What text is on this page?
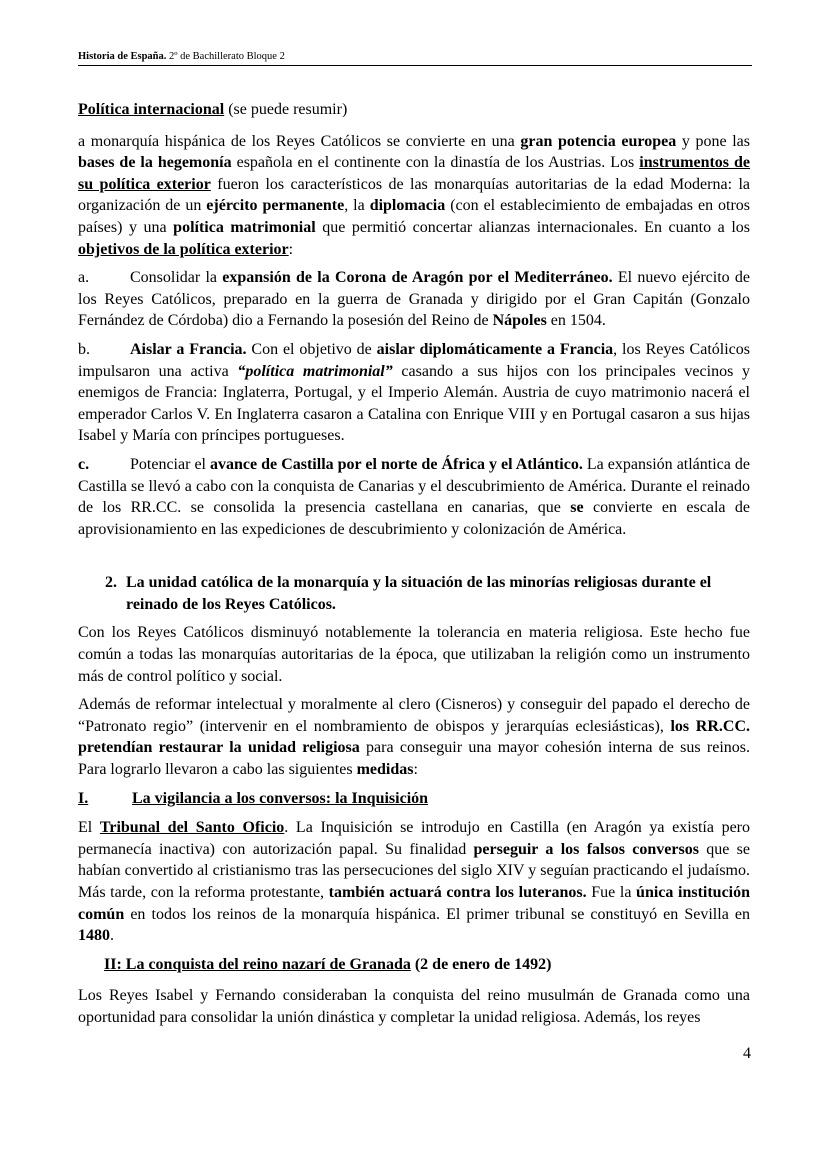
Historia de España. 2º de Bachillerato Bloque 2

Política internacional (se puede resumir)

a monarquía hispánica de los Reyes Católicos se convierte en una gran potencia europea y pone las bases de la hegemonía española en el continente con la dinastía de los Austrias. Los instrumentos de su política exterior fueron los característicos de las monarquías autoritarias de la edad Moderna: la organización de un ejército permanente, la diplomacia (con el establecimiento de embajadas en otros países) y una política matrimonial que permitió concertar alianzas internacionales. En cuanto a los objetivos de la política exterior:

a.	Consolidar la expansión de la Corona de Aragón por el Mediterráneo. El nuevo ejército de los Reyes Católicos, preparado en la guerra de Granada y dirigido por el Gran Capitán (Gonzalo Fernández de Córdoba) dio a Fernando la posesión del Reino de Nápoles en 1504.

b.	Aislar a Francia. Con el objetivo de aislar diplomáticamente a Francia, los Reyes Católicos impulsaron una activa “política matrimonial” casando a sus hijos con los principales vecinos y enemigos de Francia: Inglaterra, Portugal, y el Imperio Alemán. Austria de cuyo matrimonio nacerá el emperador Carlos V. En Inglaterra casaron a Catalina con Enrique VIII y en Portugal casaron a sus hijas Isabel y María con príncipes portugueses.

c.	Potenciar el avance de Castilla por el norte de África y el Atlántico. La expansión atlántica de Castilla se llevó a cabo con la conquista de Canarias y el descubrimiento de América. Durante el reinado de los RR.CC. se consolida la presencia castellana en canarias, que se convierte en escala de aprovisionamiento en las expediciones de descubrimiento y colonización de América.

2. La unidad católica de la monarquía y la situación de las minorías religiosas durante el reinado de los Reyes Católicos.

Con los Reyes Católicos disminuyó notablemente la tolerancia en materia religiosa. Este hecho fue común a todas las monarquías autoritarias de la época, que utilizaban la religión como un instrumento más de control político y social.

Además de reformar intelectual y moralmente al clero (Cisneros) y conseguir del papado el derecho de “Patronato regio” (intervenir en el nombramiento de obispos y jerarquías eclesiásticas), los RR.CC. pretendían restaurar la unidad religiosa para conseguir una mayor cohesión interna de sus reinos. Para lograrlo llevaron a cabo las siguientes medidas:

I.	La vigilancia a los conversos: la Inquisición

El Tribunal del Santo Oficio. La Inquisición se introdujo en Castilla (en Aragón ya existía pero permanecía inactiva) con autorización papal. Su finalidad perseguir a los falsos conversos que se habían convertido al cristianismo tras las persecuciones del siglo XIV y seguían practicando el judaísmo. Más tarde, con la reforma protestante, también actuará contra los luteranos. Fue la única institución común en todos los reinos de la monarquía hispánica. El primer tribunal se constituyó en Sevilla en 1480.

II: La conquista del reino nazarí de Granada (2 de enero de 1492)

Los Reyes Isabel y Fernando consideraban la conquista del reino musulmán de Granada como una oportunidad para consolidar la unión dinástica y completar la unidad religiosa. Además, los reyes

4
